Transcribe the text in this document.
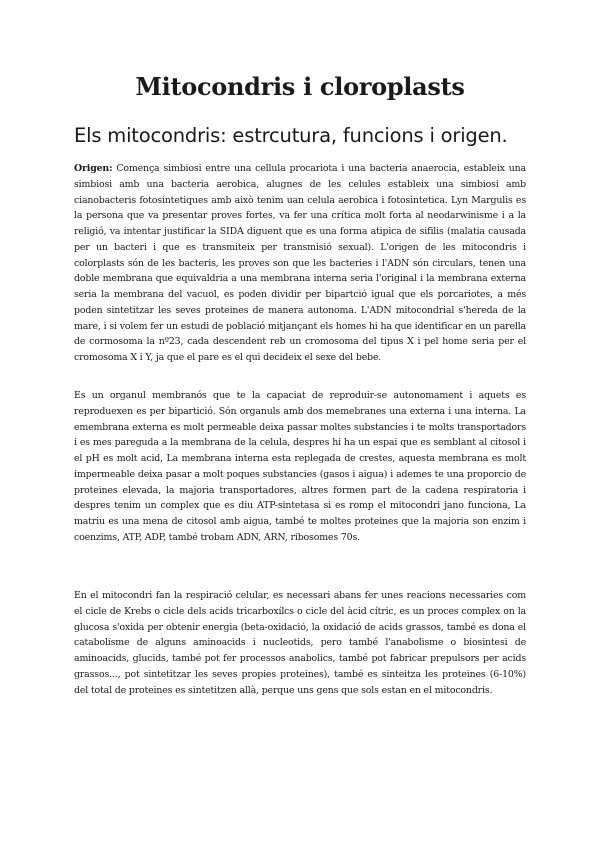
Mitocondris i cloroplasts
Els mitocondris: estrcutura, funcions i origen.

Origen: Comença simbiosi entre una cellula procariota i una bacteria anaerocia, estableix una simbiosi amb una bacteria aerobica, alugnes de les celules estableix una simbiosi amb cianobacteris fotosintetiques amb això tenim uan celula aerobica i fotosintetica. Lyn Margulis es la persona que va presentar proves fortes, va fer una crítica molt forta al neodarwinisme i a la religió, va intentar justificar la SIDA diguent que es una forma atipica de sifilis (malatia causada per un bacteri i que es transmiteix per transmisió sexual). L'origen de les mitocondris i colorplasts són de les bacteris, les proves son que les bacteries i l'ADN són circulars, tenen una doble membrana que equivaldria a una membrana interna seria l'original i la membrana externa seria la membrana del vacuol, es poden dividir per bipartció igual que els porcariotes, a més poden sintetitzar les seves proteines de manera autonoma. L'ADN mitocondrial s'hereda de la mare, i si volem fer un estudi de població mitjançant els homes hi ha que identificar en un parella de cormosoma la nº23, cada descendent reb un cromosoma del tipus X i pel home seria per el cromosoma X i Y, ja que el pare es el qui decideix el sexe del bebe.

Es un organul membranós que te la capaciat de reproduir-se autonomament i aquets es reproduexen es per bipartició. Són organuls amb dos memebranes una externa i una interna. La emembrana externa es molt permeable deixa passar moltes substancies i te molts transportadors i es mes pareguda a la membrana de la celula, despres hi ha un espai que es semblant al citosol i el pH es molt acid, La membrana interna esta replegada de crestes, aquesta membrana es molt impermeable deixa pasar a molt poques substancies (gasos i aigua) i ademes te una proporcio de proteines elevada, la majoria transportadores, altres formen part de la cadena respiratoria i despres tenim un complex que es diu ATP-sintetasa si es romp el mitocondri jano funciona, La matriu es una mena de citosol amb aigua, també te moltes proteines que la majoria son enzim i coenzims, ATP, ADP, també trobam ADN, ARN, ribosomes 70s.

En el mitocondri fan la respiració celular, es necessari abans fer unes reacions necessaries com el cicle de Krebs o cicle dels acids tricarboxílcs o cicle del àcid cítric, es un proces complex on la glucosa s'oxida per obtenir energia (beta-oxidació, la oxidació de acids grassos, també es dona el catabolisme de alguns aminoacids i nucleotids, pero també l'anabolisme o biosintesi de aminoacids, glucids, també pot fer processos anabolics, també pot fabricar prepulsors per acids grassos..., pot sintetitzar les seves propies proteines), també es sinteitza les proteines (6-10%) del total de proteines es sintetitzen allà, perque uns gens que sols estan en el mitocondris.
